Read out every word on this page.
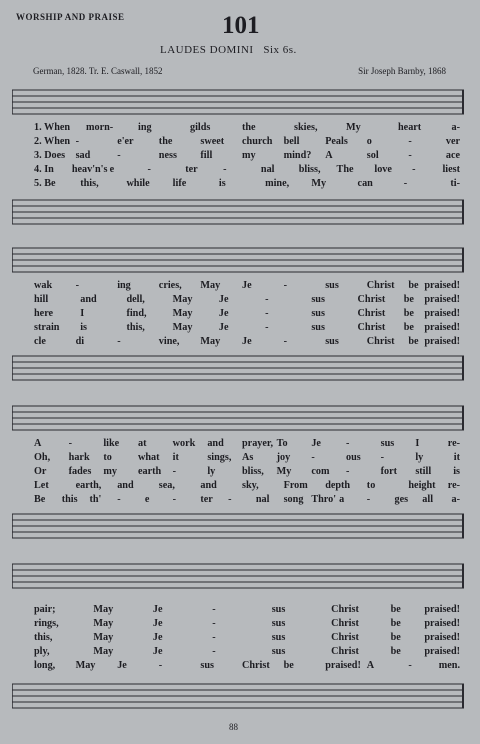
WORSHIP AND PRAISE	101
LAUDES DOMINI Six 6s.
German, 1828. Tr. E. Caswall, 1852	Sir Joseph Barnby, 1868
1. When morn- ing	gilds	the	skies,	My	heart	a-
2. When -	e'er the	sweet church bell	Peals o	-	ver
3. Does sad	-	ness fill	my	mind? A	sol	-	ace
4. In heav'n's e	-	ter -	nal bliss, The love -	liest
5. Be this,	while life	is	mine, My	can	-	ti-
wak -	ing	cries, May Je	-	sus	Christ be praised!
hill	and	dell,	May	Je	-	sus	Christ be praised!
here	I	find,	May	Je	-	sus	Christ be praised!
strain is	this,	May	Je	-	sus	Christ be praised!
cle	di	-	vine, May Je	-	sus	Christ be praised!
A	-	like at	work and prayer, To Je -	sus I	re-
Oh, hark to	what it	sings, As joy -	ous -	ly	it
Or fades my earth -	ly	bliss, My com -	fort still is
Let	earth, and sea, and sky, From depth to	height re-
Be this th' - e - ter - nal song Thro' a - ges all a-
pair;	May	Je	-	sus	Christ	be praised!
rings,	May	Je	-	sus	Christ	be praised!
this,	May	Je	-	sus	Christ	be praised!
ply,	May	Je	-	sus	Christ	be praised!
long, May Je	-	sus	Christ be	praised! A	-	men.
88
